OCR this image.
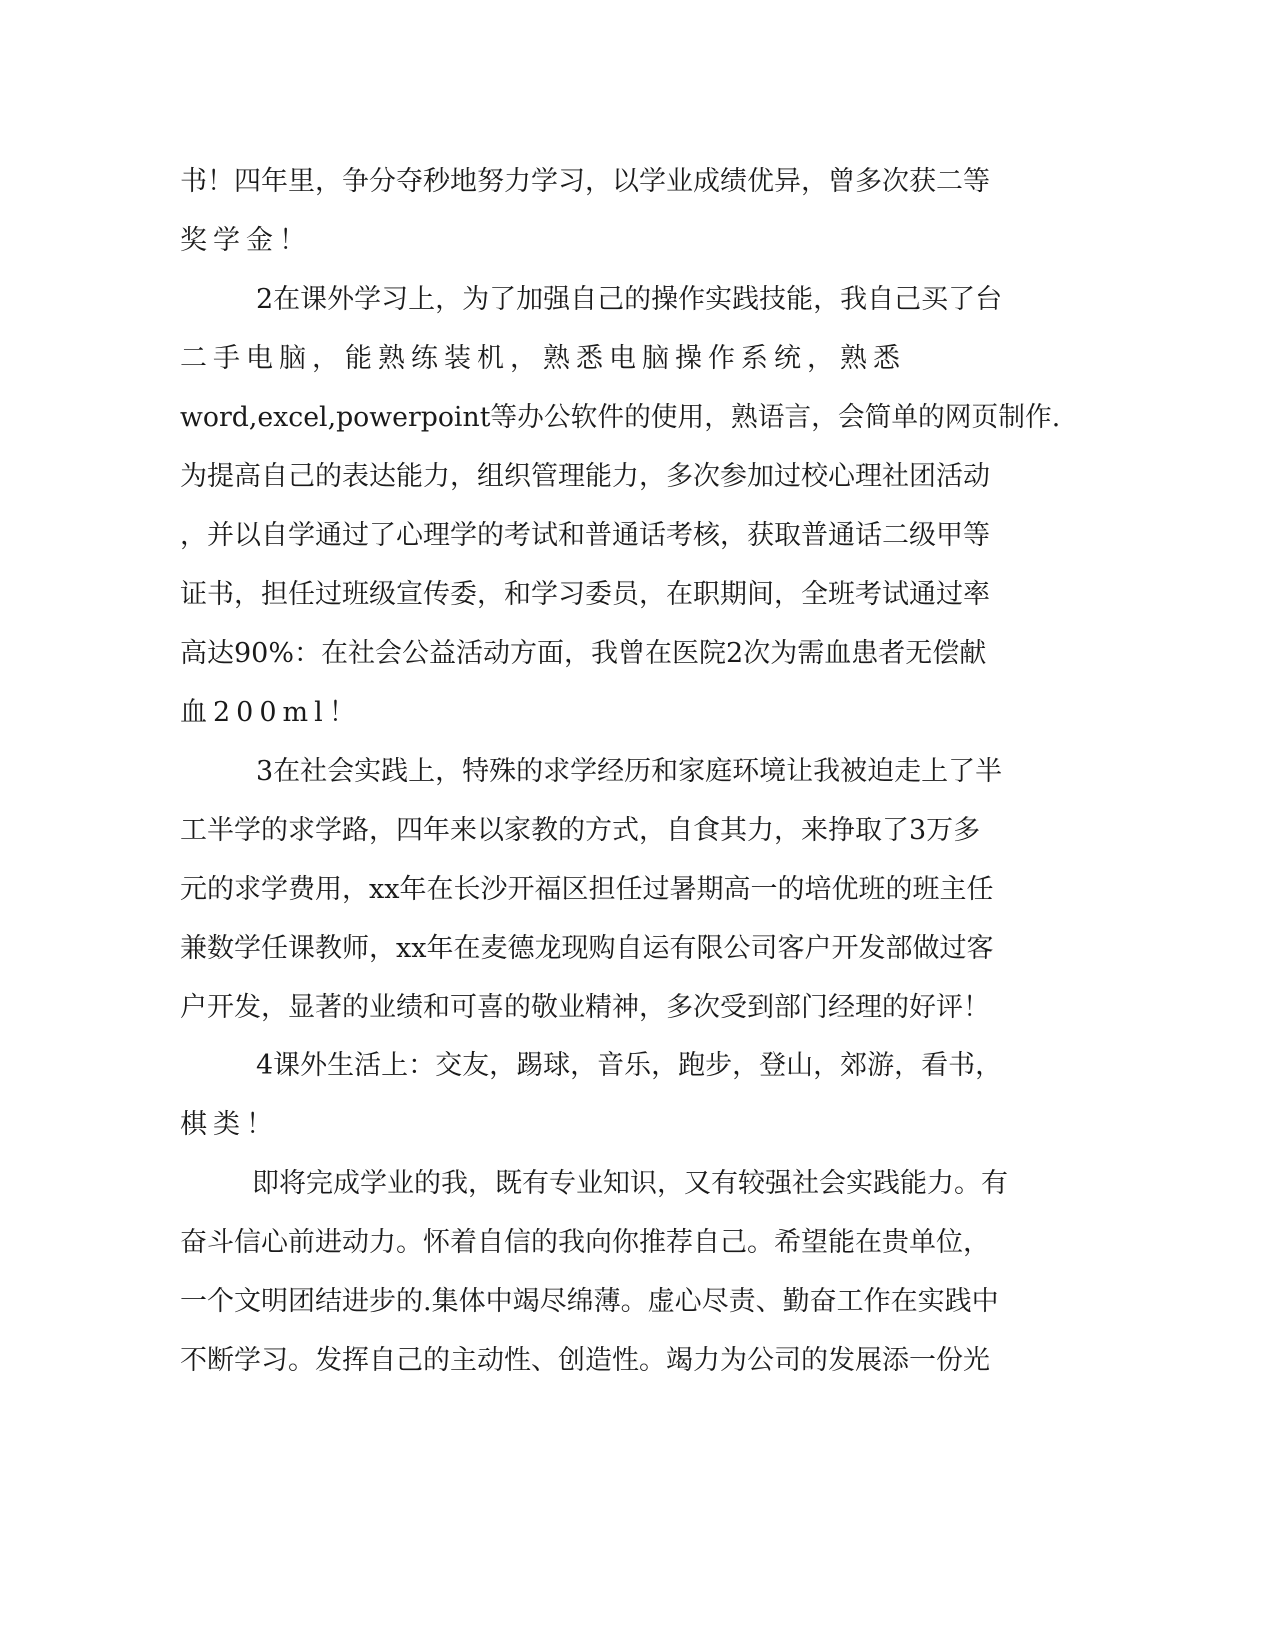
书！四年里，争分夺秒地努力学习，以学业成绩优异，曾多次获二等
奖学金！
2在课外学习上，为了加强自己的操作实践技能，我自己买了台
二手电脑，能熟练装机，熟悉电脑操作系统，熟悉
word,excel,powerpoint等办公软件的使用，熟语言，会简单的网页制作.
为提高自己的表达能力，组织管理能力，多次参加过校心理社团活动
，并以自学通过了心理学的考试和普通话考核，获取普通话二级甲等
证书，担任过班级宣传委，和学习委员，在职期间，全班考试通过率
高达90%：在社会公益活动方面，我曾在医院2次为需血患者无偿献
血200ml！
3在社会实践上，特殊的求学经历和家庭环境让我被迫走上了半
工半学的求学路，四年来以家教的方式，自食其力，来挣取了3万多
元的求学费用，xx年在长沙开福区担任过暑期高一的培优班的班主任
兼数学任课教师，xx年在麦德龙现购自运有限公司客户开发部做过客
户开发，显著的业绩和可喜的敬业精神，多次受到部门经理的好评！
4课外生活上：交友，踢球，音乐，跑步，登山，郊游，看书，
棋类！
即将完成学业的我，既有专业知识，又有较强社会实践能力。有
奋斗信心前进动力。怀着自信的我向你推荐自己。希望能在贵单位，
一个文明团结进步的.集体中竭尽绵薄。虚心尽责、勤奋工作在实践中
不断学习。发挥自己的主动性、创造性。竭力为公司的发展添一份光
